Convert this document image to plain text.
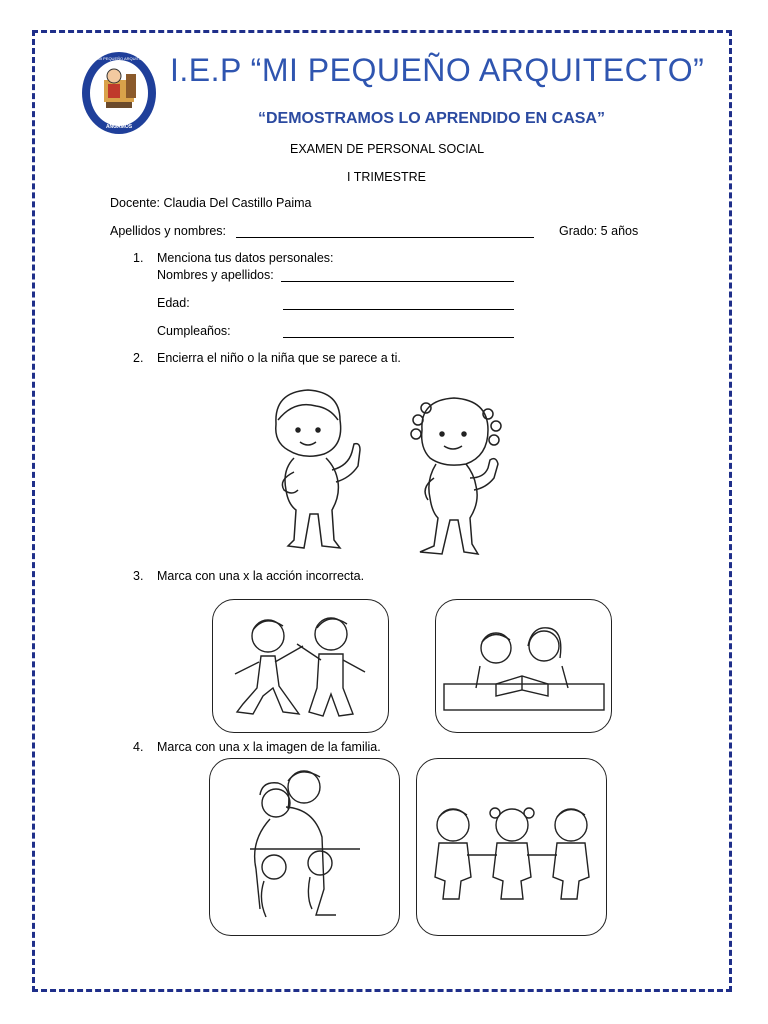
I.E.P "MI PEQUEÑO ARQUITECTO"
ANGAMOS
I.E.P “MI PEQUEÑO ARQUITECTO”
“DEMOSTRAMOS LO APRENDIDO EN CASA”
EXAMEN DE PERSONAL SOCIAL
I TRIMESTRE
Docente: Claudia Del Castillo Paima
Apellidos y nombres:	Grado: 5 años
1. Menciona tus datos personales:
Nombres y apellidos:
Edad:
Cumpleaños:
2. Encierra el niño o la niña que se parece a ti.
3. Marca con una x la acción incorrecta.
4. Marca con una x la imagen de la familia.
